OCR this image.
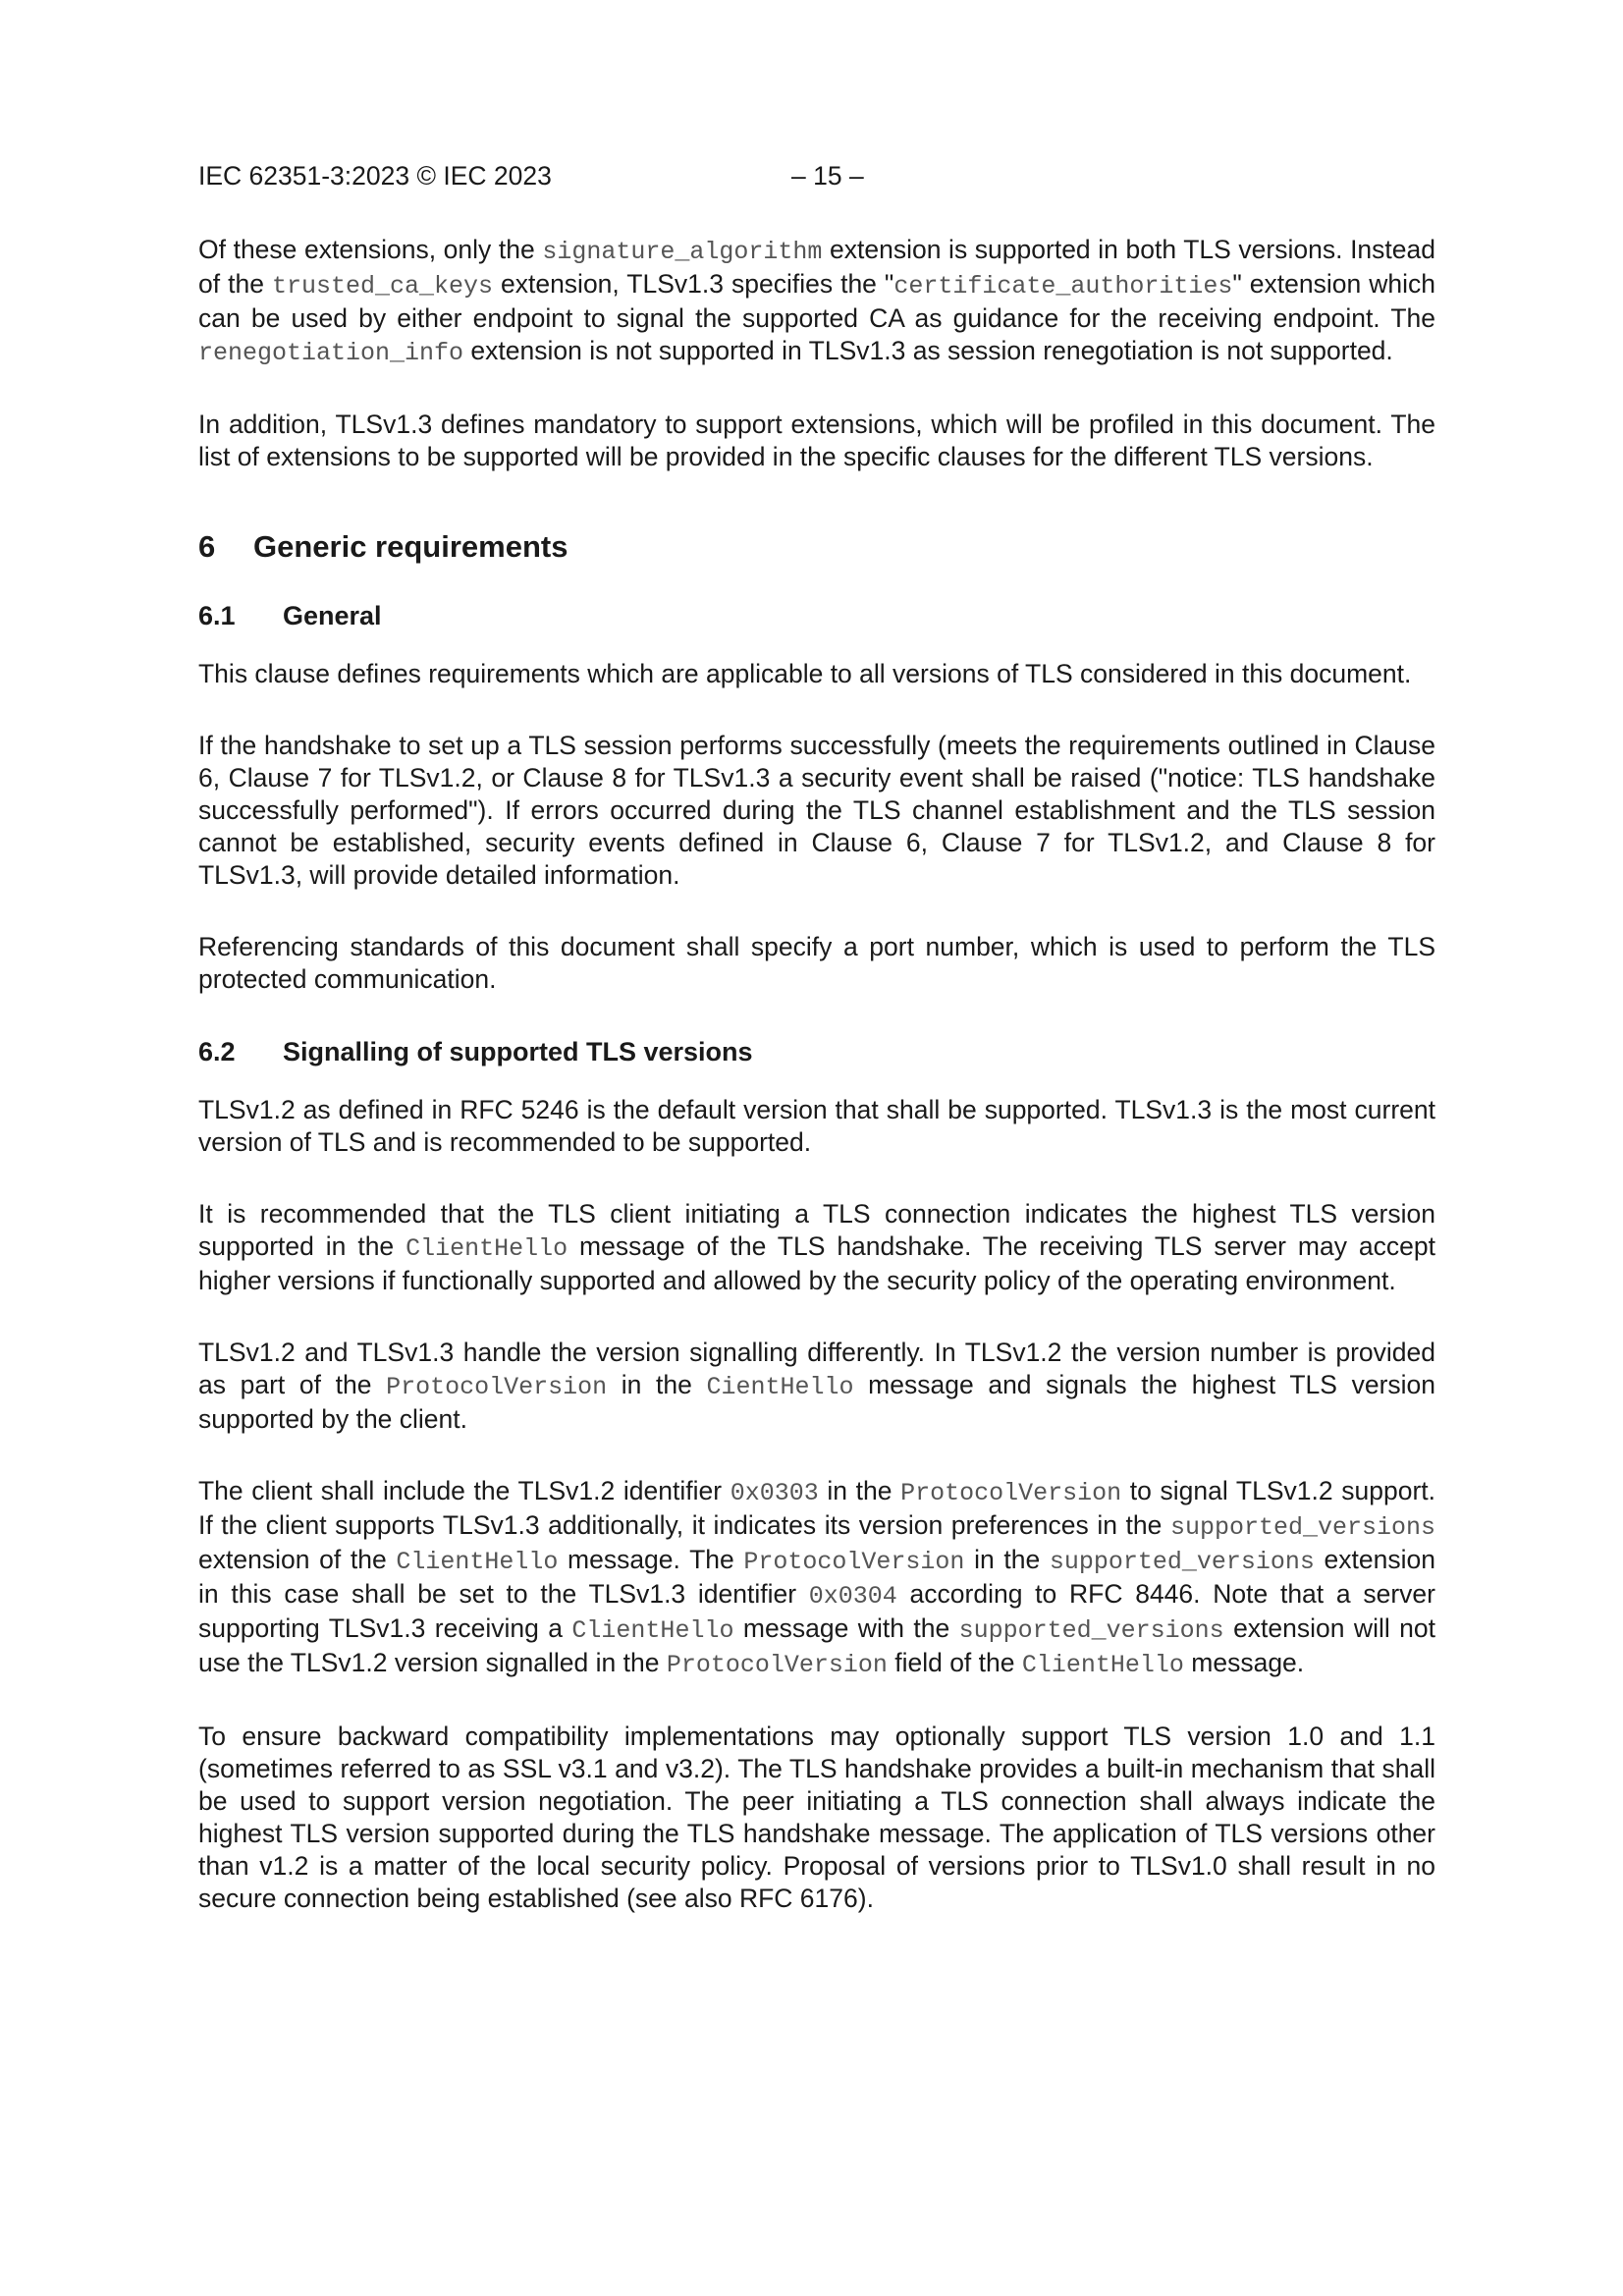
IEC 62351-3:2023 © IEC 2023	– 15 –

Of these extensions, only the signature_algorithm extension is supported in both TLS versions. Instead of the trusted_ca_keys extension, TLSv1.3 specifies the "certificate_authorities" extension which can be used by either endpoint to signal the supported CA as guidance for the receiving endpoint. The renegotiation_info extension is not supported in TLSv1.3 as session renegotiation is not supported.

In addition, TLSv1.3 defines mandatory to support extensions, which will be profiled in this document. The list of extensions to be supported will be provided in the specific clauses for the different TLS versions.

6 Generic requirements
6.1 General

This clause defines requirements which are applicable to all versions of TLS considered in this document.

If the handshake to set up a TLS session performs successfully (meets the requirements outlined in Clause 6, Clause 7 for TLSv1.2, or Clause 8 for TLSv1.3 a security event shall be raised ("notice: TLS handshake successfully performed"). If errors occurred during the TLS channel establishment and the TLS session cannot be established, security events defined in Clause 6, Clause 7 for TLSv1.2, and Clause 8 for TLSv1.3, will provide detailed information.

Referencing standards of this document shall specify a port number, which is used to perform the TLS protected communication.

6.2 Signalling of supported TLS versions

TLSv1.2 as defined in RFC 5246 is the default version that shall be supported. TLSv1.3 is the most current version of TLS and is recommended to be supported.

It is recommended that the TLS client initiating a TLS connection indicates the highest TLS version supported in the ClientHello message of the TLS handshake. The receiving TLS server may accept higher versions if functionally supported and allowed by the security policy of the operating environment.

TLSv1.2 and TLSv1.3 handle the version signalling differently. In TLSv1.2 the version number is provided as part of the ProtocolVersion in the CientHello message and signals the highest TLS version supported by the client.

The client shall include the TLSv1.2 identifier 0x0303 in the ProtocolVersion to signal TLSv1.2 support. If the client supports TLSv1.3 additionally, it indicates its version preferences in the supported_versions extension of the ClientHello message. The ProtocolVersion in the supported_versions extension in this case shall be set to the TLSv1.3 identifier 0x0304 according to RFC 8446. Note that a server supporting TLSv1.3 receiving a ClientHello message with the supported_versions extension will not use the TLSv1.2 version signalled in the ProtocolVersion field of the ClientHello message.

To ensure backward compatibility implementations may optionally support TLS version 1.0 and 1.1 (sometimes referred to as SSL v3.1 and v3.2). The TLS handshake provides a built-in mechanism that shall be used to support version negotiation. The peer initiating a TLS connection shall always indicate the highest TLS version supported during the TLS handshake message. The application of TLS versions other than v1.2 is a matter of the local security policy. Proposal of versions prior to TLSv1.0 shall result in no secure connection being established (see also RFC 6176).
